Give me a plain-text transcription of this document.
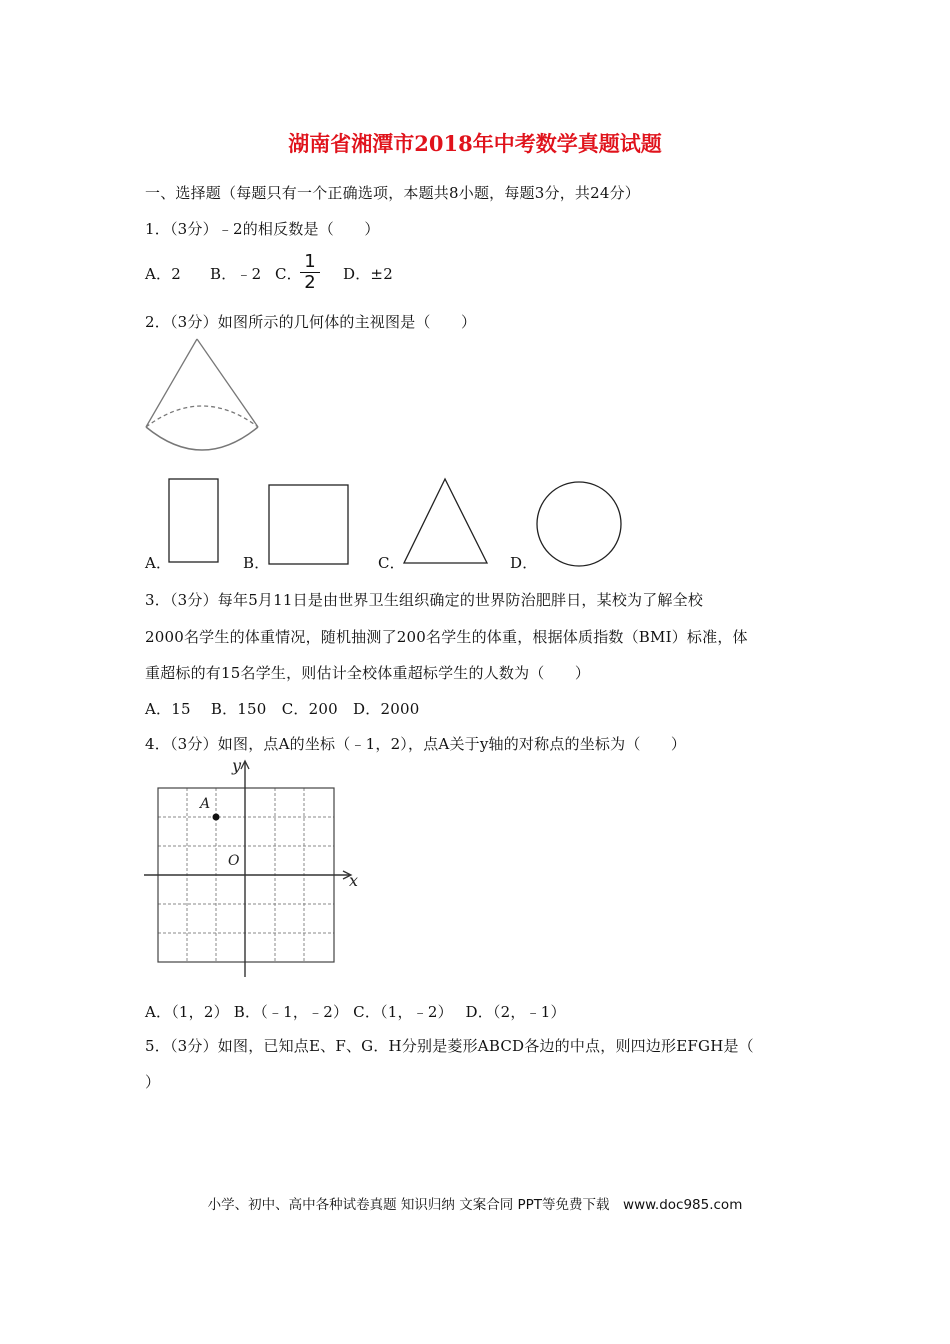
湖南省湘潭市2018年中考数学真题试题
一、选择题（每题只有一个正确选项，本题共8小题，每题3分，共24分）
1．（3分）﹣2的相反数是（　　）
A．2 B．﹣2 C．
1
2 D．±2
2．（3分）如图所示的几何体的主视图是（　　）
A．	B．	C．	D．
3．（3分）每年5月11日是由世界卫生组织确定的世界防治肥胖日，某校为了解全校
2000名学生的体重情况，随机抽测了200名学生的体重，根据体质指数（BMI）标准，体
重超标的有15名学生，则估计全校体重超标学生的人数为（　　）
A．15　 B．150　C．200　D．2000
4．（3分）如图，点A的坐标（﹣1，2），点A关于y轴的对称点的坐标为（　　）
y
x
A
O
A．（1，2） B．（﹣1，﹣2） C．（1，﹣2）　 D．（2，﹣1）
5．（3分）如图，已知点E、F、G．H分别是菱形ABCD各边的中点，则四边形EFGH是（
）
小学、初中、高中各种试卷真题 知识归纳 文案合同 PPT等免费下载　www.doc985.com
